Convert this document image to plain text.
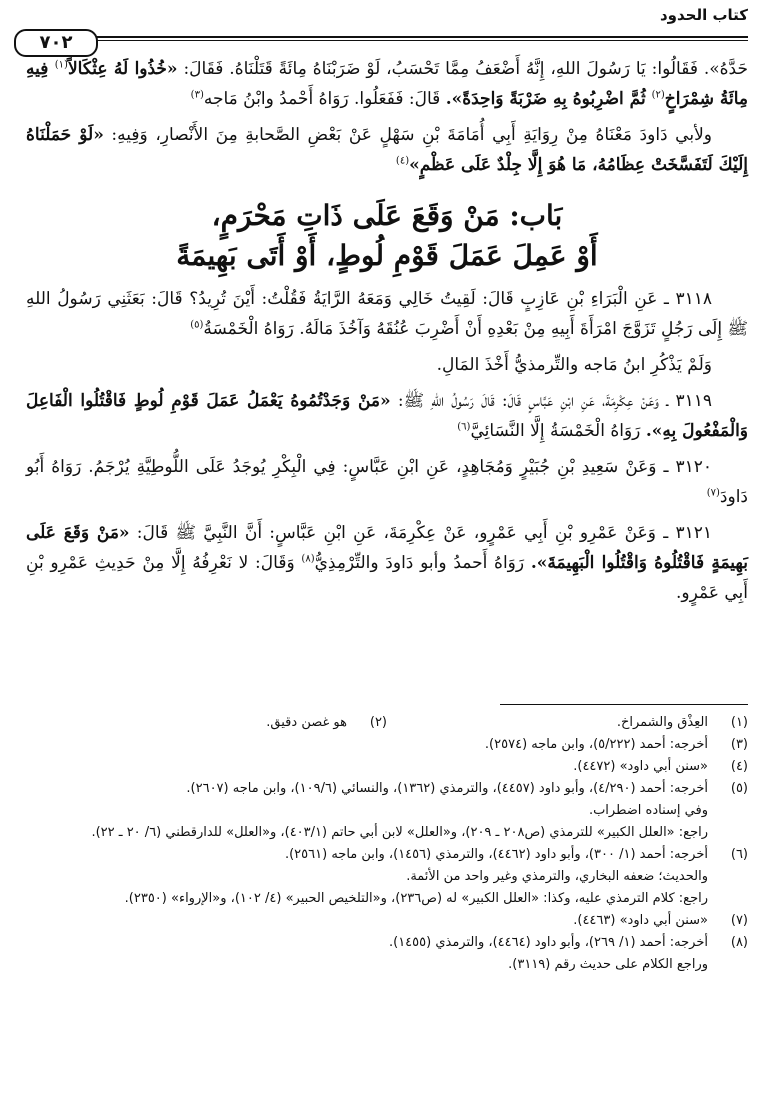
كتاب الحدود
٧٠٢

حَدَّهُ». فَقَالُوا: يَا رَسُولَ اللهِ، إِنَّهُ أَضْعَفُ مِمَّا تَحْسَبُ، لَوْ ضَرَبْنَاهُ مِائَةً قَتَلْنَاهُ. فَقَالَ: «خُذُوا لَهُ عِثْكَالاً$^{(١)}$ فِيهِ مِائَةُ شِمْرَاخٍ$^{(٢)}$ ثُمَّ اضْرِبُوهُ بِهِ ضَرْبَةً وَاحِدَةً». قَالَ: فَفَعَلُوا. رَوَاهُ أَحْمدُ وابْنُ مَاجه$^{(٣)}$

ولأبي دَاودَ مَعْنَاهُ مِنْ رِوَايَةِ أَبِي أُمَامَةَ بْنِ سَهْلٍ عَنْ بَعْضِ الصَّحابةِ مِنَ الأَنْصارِ، وَفِيهِ: «لَوْ حَمَلْنَاهُ إِلَيْكَ لَتَفَسَّخَتْ عِظَامُهُ، مَا هُوَ إِلَّا جِلْدٌ عَلَى عَظْمٍ»$^{(٤)}$

بَاب: مَنْ وَقَعَ عَلَى ذَاتِ مَحْرَمٍ،
أَوْ عَمِلَ عَمَلَ قَوْمِ لُوطٍ، أَوْ أَتَى بَهِيمَةً

٣١١٨ ـ عَنِ الْبَرَاءِ بْنِ عَازِبٍ قَالَ: لَقِيتُ خَالِي وَمَعَهُ الرَّايَةُ فَقُلْتُ: أَيْنَ تُرِيدُ؟ قَالَ: بَعَثَنِي رَسُولُ اللهِ ﷺ إِلَى رَجُلٍ تَزَوَّجَ امْرَأَةَ أَبِيهِ مِنْ بَعْدِهِ أَنْ أَضْرِبَ عُنُقَهُ وَآخُذَ مَالَهُ. رَوَاهُ الْخَمْسَةُ$^{(٥)}$

وَلَمْ يَذْكُرِ ابنُ مَاجه والتِّرمذيُّ أَخْذَ المَالِ.

٣١١٩ ـ وَعَنْ عِكْرِمَةَ، عَنِ ابْنِ عَبَّاسٍ قَالَ: قَالَ رَسُولُ اللهِ ﷺ: «مَنْ وَجَدْتُمُوهُ يَعْمَلُ عَمَلَ قَوْمِ لُوطٍ فَاقْتُلُوا الْفَاعِلَ وَالْمَفْعُولَ بِهِ». رَوَاهُ الْخَمْسَةُ إِلَّا النَّسَائِيَّ$^{(٦)}$

٣١٢٠ ـ وَعَنْ سَعِيدِ بْنِ جُبَيْرٍ وَمُجَاهِدٍ، عَنِ ابْنِ عَبَّاسٍ: فِي الْبِكْرِ يُوجَدُ عَلَى اللُّوطِيَّةِ يُرْجَمُ. رَوَاهُ أَبُو دَاودَ$^{(٧)}$

٣١٢١ ـ وَعَنْ عَمْرِو بْنِ أَبِي عَمْرٍو، عَنْ عِكْرِمَةَ، عَنِ ابْنِ عَبَّاسٍ: أَنَّ النَّبِيَّ ﷺ قَالَ: «مَنْ وَقَعَ عَلَى بَهِيمَةٍ فَاقْتُلُوهُ وَاقْتُلُوا الْبَهِيمَةَ». رَوَاهُ أَحمدُ وأبو دَاودَ والتِّرْمِذِيُّ$^{(٨)}$ وَقَالَ: لا نَعْرِفُهُ إِلَّا مِنْ حَدِيثِ عَمْرِو بْنِ أَبِي عَمْرٍو.

(١)
العِذْق والشمراخ.

(٢)
هو غصن دقيق.

(٣)
أخرجه: أحمد (٥/٢٢٢)، وابن ماجه (٢٥٧٤).

(٤)
«سنن أبي داود» (٤٤٧٢).

(٥)
أخرجه: أحمد (٤/٢٩٠)، وأبو داود (٤٤٥٧)، والترمذي (١٣٦٢)، والنسائي (١٠٩/٦)، وابن ماجه (٢٦٠٧).

وفي إسناده اضطراب.

راجع: «العلل الكبير» للترمذي (ص٢٠٨ ـ ٢٠٩)، و«العلل» لابن أبي حاتم (٤٠٣/١)، و«العلل» للدارقطني (٦/ ٢٠ ـ ٢٢).

(٦)
أخرجه: أحمد (١/ ٣٠٠)، وأبو داود (٤٤٦٢)، والترمذي (١٤٥٦)، وابن ماجه (٢٥٦١).

والحديث؛ ضعفه البخاري، والترمذي وغير واحد من الأئمة.

راجع: كلام الترمذي عليه، وكذا: «العلل الكبير» له (ص٢٣٦)، و«التلخيص الحبير» (٤/ ١٠٢)، و«الإرواء» (٢٣٥٠).

(٧)
«سنن أبي داود» (٤٤٦٣).

(٨)
أخرجه: أحمد (١/ ٢٦٩)، وأبو داود (٤٤٦٤)، والترمذي (١٤٥٥).

وراجع الكلام على حديث رقم (٣١١٩).
